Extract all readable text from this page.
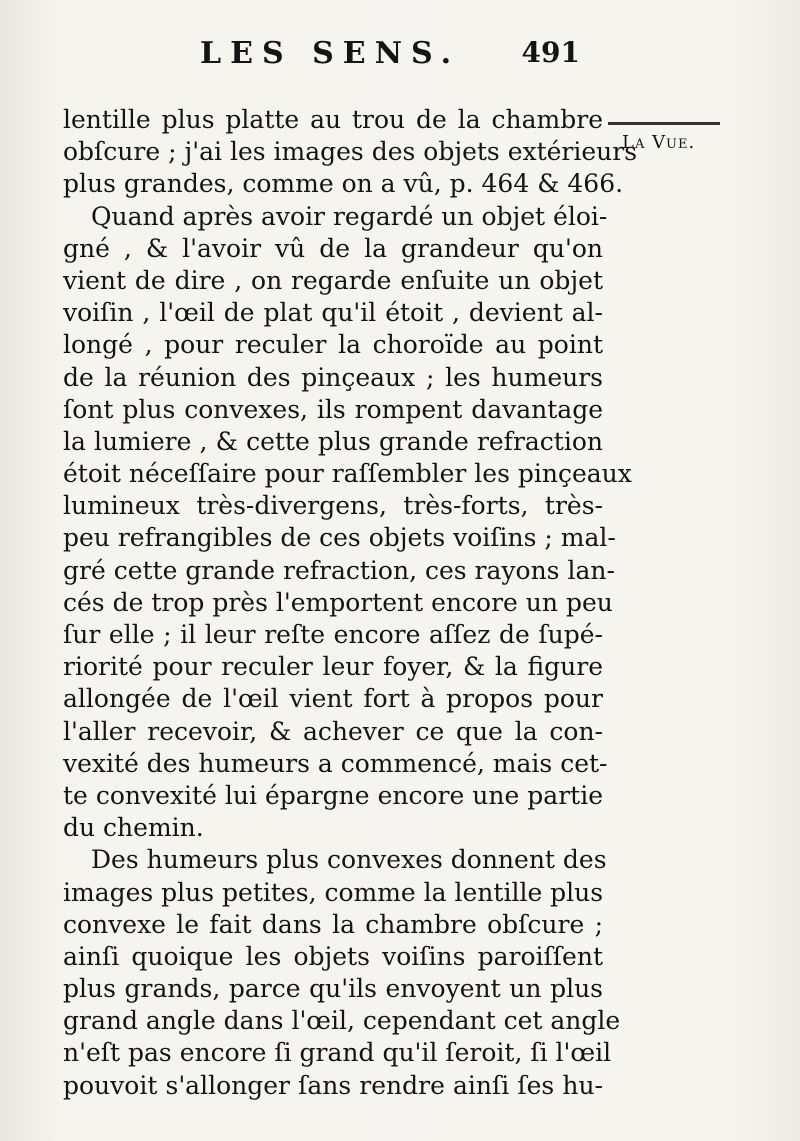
LES SENS. 491
La Vue.
lentille plus platte au trou de la chambre
obſcure ; j'ai les images des objets extérieurs
plus grandes, comme on a vû, p. 464 & 466.
Quand après avoir regardé un objet éloi-
gné , & l'avoir vû de la grandeur qu'on
vient de dire , on regarde enſuite un objet
voiſin , l'œil de plat qu'il étoit , devient al-
longé , pour reculer la choroïde au point
de la réunion des pinçeaux ; les humeurs
ſont plus convexes, ils rompent davantage
la lumiere , & cette plus grande refraction
étoit néceſſaire pour raſſembler les pinçeaux
lumineux très-divergens, très-forts, très-
peu refrangibles de ces objets voiſins ; mal-
gré cette grande refraction, ces rayons lan-
cés de trop près l'emportent encore un peu
ſur elle ; il leur reſte encore aſſez de ſupé-
riorité pour reculer leur foyer, & la figure
allongée de l'œil vient fort à propos pour
l'aller recevoir, & achever ce que la con-
vexité des humeurs a commencé, mais cet-
te convexité lui épargne encore une partie
du chemin.
Des humeurs plus convexes donnent des
images plus petites, comme la lentille plus
convexe le fait dans la chambre obſcure ;
ainſi quoique les objets voiſins paroiſſent
plus grands, parce qu'ils envoyent un plus
grand angle dans l'œil, cependant cet angle
n'eſt pas encore ſi grand qu'il ſeroit, ſi l'œil
pouvoit s'allonger ſans rendre ainſi ſes hu-
